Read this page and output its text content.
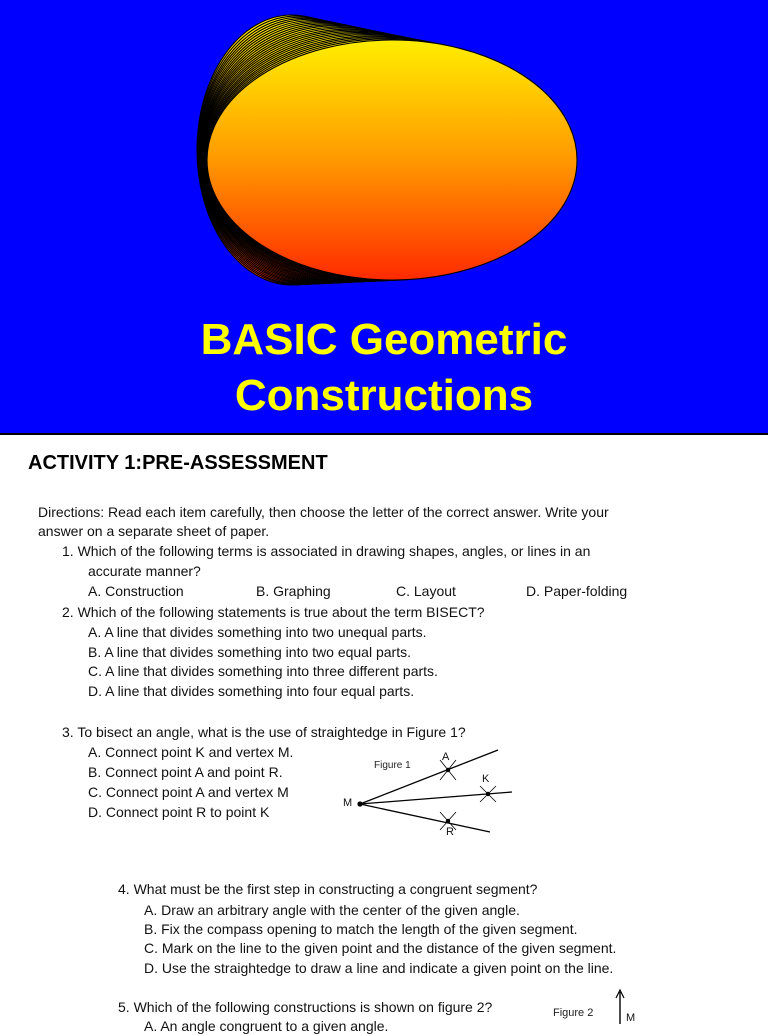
BASIC Geometric
Constructions
ACTIVITY 1:PRE-ASSESSMENT
Directions: Read each item carefully, then choose the letter of the correct answer. Write your
answer on a separate sheet of paper.
1. Which of the following terms is associated in drawing shapes, angles, or lines in an
accurate manner?
A. Construction	B. Graphing	C. Layout	D. Paper-folding
2. Which of the following statements is true about the term BISECT?
A. A line that divides something into two unequal parts.
B. A line that divides something into two equal parts.
C. A line that divides something into three different parts.
D. A line that divides something into four equal parts.
3. To bisect an angle, what is the use of straightedge in Figure 1?
A. Connect point K and vertex M.
B. Connect point A and point R.
C. Connect point A and vertex M
D. Connect point R to point K
Figure 1
A
K
M
R
4. What must be the first step in constructing a congruent segment?
A. Draw an arbitrary angle with the center of the given angle.
B. Fix the compass opening to match the length of the given segment.
C. Mark on the line to the given point and the distance of the given segment.
D. Use the straightedge to draw a line and indicate a given point on the line.
5. Which of the following constructions is shown on figure 2?
A. An angle congruent to a given angle.
Figure 2	M
